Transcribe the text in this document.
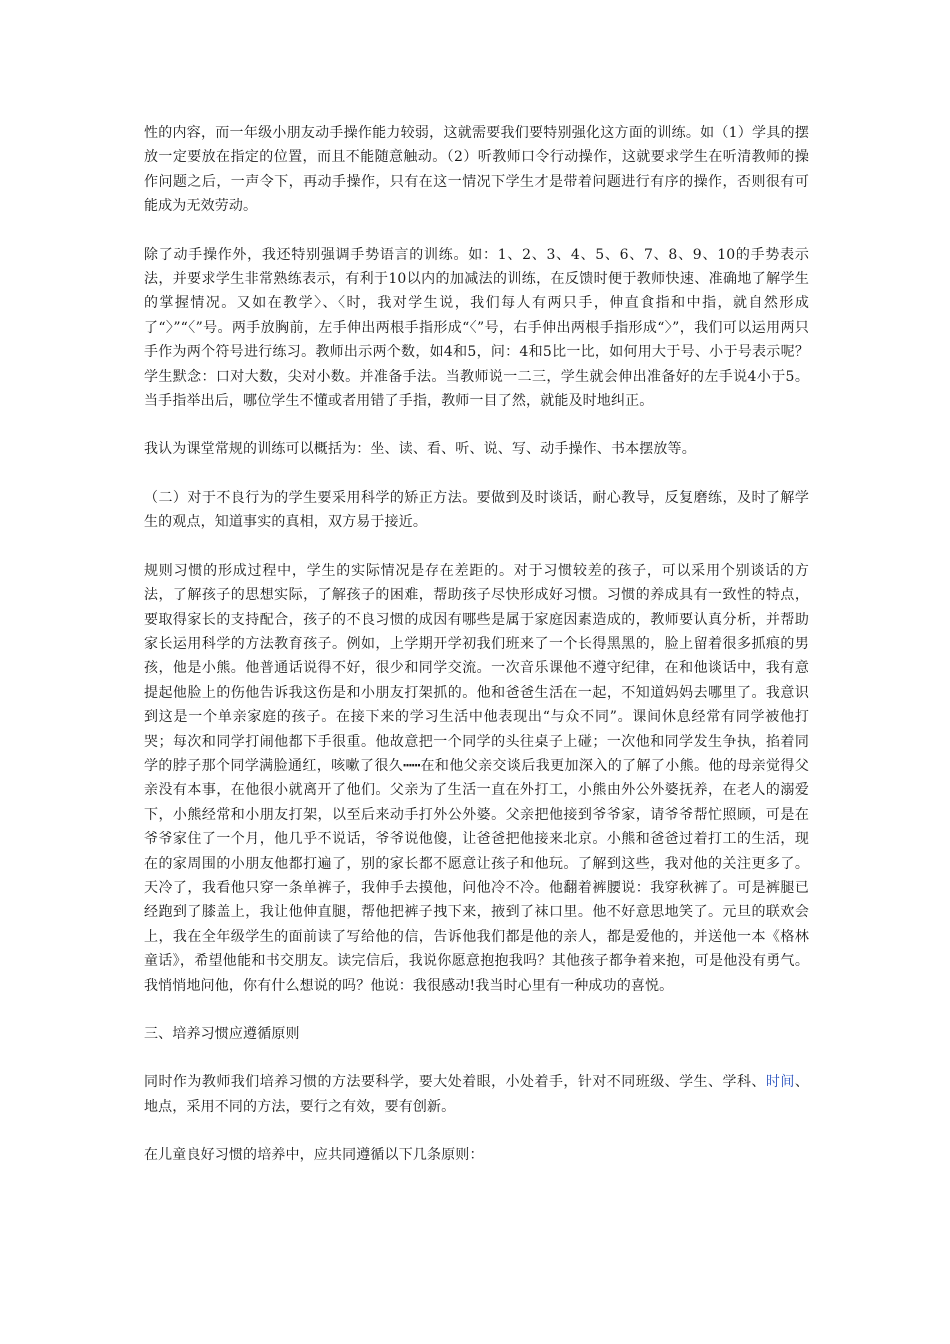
性的内容，而一年级小朋友动手操作能力较弱，这就需要我们要特别强化这方面的训练。如（1）学具的摆放一定要放在指定的位置，而且不能随意触动。（2）听教师口令行动操作，这就要求学生在听清教师的操作问题之后，一声令下，再动手操作，只有在这一情况下学生才是带着问题进行有序的操作，否则很有可能成为无效劳动。

除了动手操作外，我还特别强调手势语言的训练。如：1、2、3、4、5、6、7、8、9、10的手势表示法，并要求学生非常熟练表示，有利于10以内的加减法的训练，在反馈时便于教师快速、准确地了解学生的掌握情况。又如在教学〉、〈时，我对学生说，我们每人有两只手，伸直食指和中指，就自然形成了“〉”“〈”号。两手放胸前，左手伸出两根手指形成“〈”号，右手伸出两根手指形成“〉”，我们可以运用两只手作为两个符号进行练习。教师出示两个数，如4和5，问：4和5比一比，如何用大于号、小于号表示呢？学生默念：口对大数，尖对小数。并准备手法。当教师说一二三，学生就会伸出准备好的左手说4小于5。当手指举出后，哪位学生不懂或者用错了手指，教师一目了然，就能及时地纠正。

我认为课堂常规的训练可以概括为：坐、读、看、听、说、写、动手操作、书本摆放等。

（二）对于不良行为的学生要采用科学的矫正方法。要做到及时谈话，耐心教导，反复磨练，及时了解学生的观点，知道事实的真相，双方易于接近。

规则习惯的形成过程中，学生的实际情况是存在差距的。对于习惯较差的孩子，可以采用个别谈话的方法，了解孩子的思想实际，了解孩子的困难，帮助孩子尽快形成好习惯。习惯的养成具有一致性的特点，要取得家长的支持配合，孩子的不良习惯的成因有哪些是属于家庭因素造成的，教师要认真分析，并帮助家长运用科学的方法教育孩子。例如，上学期开学初我们班来了一个长得黑黑的，脸上留着很多抓痕的男孩，他是小熊。他普通话说得不好，很少和同学交流。一次音乐课他不遵守纪律，在和他谈话中，我有意提起他脸上的伤他告诉我这伤是和小朋友打架抓的。他和爸爸生活在一起，不知道妈妈去哪里了。我意识到这是一个单亲家庭的孩子。在接下来的学习生活中他表现出“与众不同”。课间休息经常有同学被他打哭；每次和同学打闹他都下手很重。他故意把一个同学的头往桌子上碰；一次他和同学发生争执，掐着同学的脖子那个同学满脸通红，咳嗽了很久┅┅在和他父亲交谈后我更加深入的了解了小熊。他的母亲觉得父亲没有本事，在他很小就离开了他们。父亲为了生活一直在外打工，小熊由外公外婆抚养，在老人的溺爱下，小熊经常和小朋友打架，以至后来动手打外公外婆。父亲把他接到爷爷家，请爷爷帮忙照顾，可是在爷爷家住了一个月，他几乎不说话，爷爷说他傻，让爸爸把他接来北京。小熊和爸爸过着打工的生活，现在的家周围的小朋友他都打遍了，别的家长都不愿意让孩子和他玩。了解到这些，我对他的关注更多了。天冷了，我看他只穿一条单裤子，我伸手去摸他，问他冷不冷。他翻着裤腰说：我穿秋裤了。可是裤腿已经跑到了膝盖上，我让他伸直腿，帮他把裤子拽下来，掖到了袜口里。他不好意思地笑了。元旦的联欢会上，我在全年级学生的面前读了写给他的信，告诉他我们都是他的亲人，都是爱他的，并送他一本《格林童话》，希望他能和书交朋友。读完信后，我说你愿意抱抱我吗？其他孩子都争着来抱，可是他没有勇气。我悄悄地问他，你有什么想说的吗？他说：我很感动!我当时心里有一种成功的喜悦。

三、培养习惯应遵循原则

同时作为教师我们培养习惯的方法要科学，要大处着眼，小处着手，针对不同班级、学生、学科、时间、地点，采用不同的方法，要行之有效，要有创新。

在儿童良好习惯的培养中，应共同遵循以下几条原则：
